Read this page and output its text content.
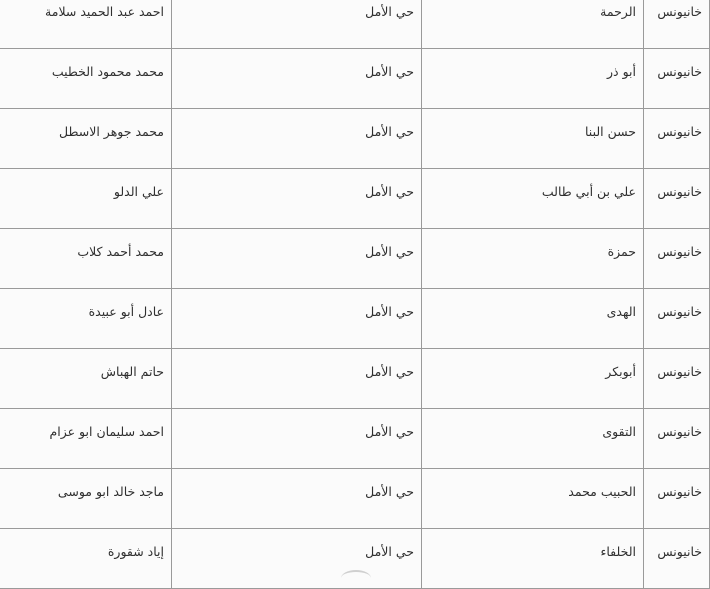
خانيونس	الرحمة	حي الأمل	احمد عبد الحميد سلامة

خانيونس	أبو ذر	حي الأمل	محمد محمود الخطيب

خانيونس	حسن البنا	حي الأمل	محمد جوهر الاسطل

خانيونس	علي بن أبي طالب	حي الأمل	علي الدلو

خانيونس	حمزة	حي الأمل	محمد أحمد كلاب

خانيونس	الهدى	حي الأمل	عادل أبو عبيدة

خانيونس	أبوبكر	حي الأمل	حاتم الهباش

خانيونس	التقوى	حي الأمل	احمد سليمان ابو عزام

خانيونس	الحبيب محمد	حي الأمل	ماجد خالد ابو موسى

خانيونس	الخلفاء	حي الأمل	إياد شقورة
